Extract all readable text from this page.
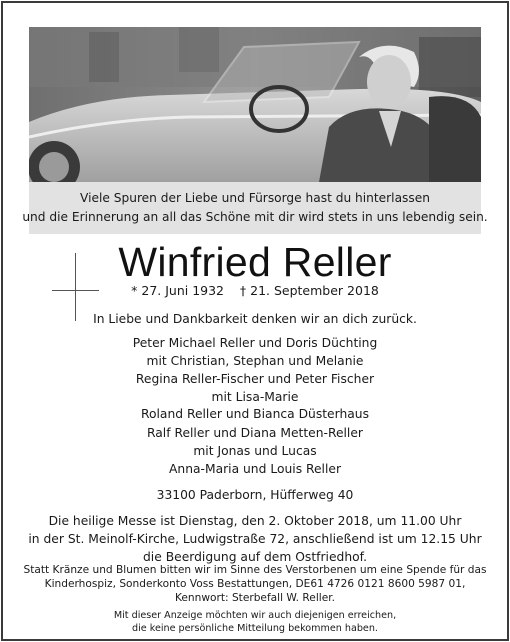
Viele Spuren der Liebe und Fürsorge hast du hinterlassen
und die Erinnerung an all das Schöne mit dir wird stets in uns lebendig sein.
Winfried Reller
* 27. Juni 1932    † 21. September 2018
In Liebe und Dankbarkeit denken wir an dich zurück.
Peter Michael Reller und Doris Düchting
mit Christian, Stephan und Melanie
Regina Reller-Fischer und Peter Fischer
mit Lisa-Marie
Roland Reller und Bianca Düsterhaus
Ralf Reller und Diana Metten-Reller
mit Jonas und Lucas
Anna-Maria und Louis Reller
33100 Paderborn, Hüfferweg 40
Die heilige Messe ist Dienstag, den 2. Oktober 2018, um 11.00 Uhr
in der St. Meinolf-Kirche, Ludwigstraße 72, anschließend ist um 12.15 Uhr
die Beerdigung auf dem Ostfriedhof.
Statt Kränze und Blumen bitten wir im Sinne des Verstorbenen um eine Spende für das
Kinderhospiz, Sonderkonto Voss Bestattungen, DE61 4726 0121 8600 5987 01,
Kennwort: Sterbefall W. Reller.
Mit dieser Anzeige möchten wir auch diejenigen erreichen,
die keine persönliche Mitteilung bekommen haben.
